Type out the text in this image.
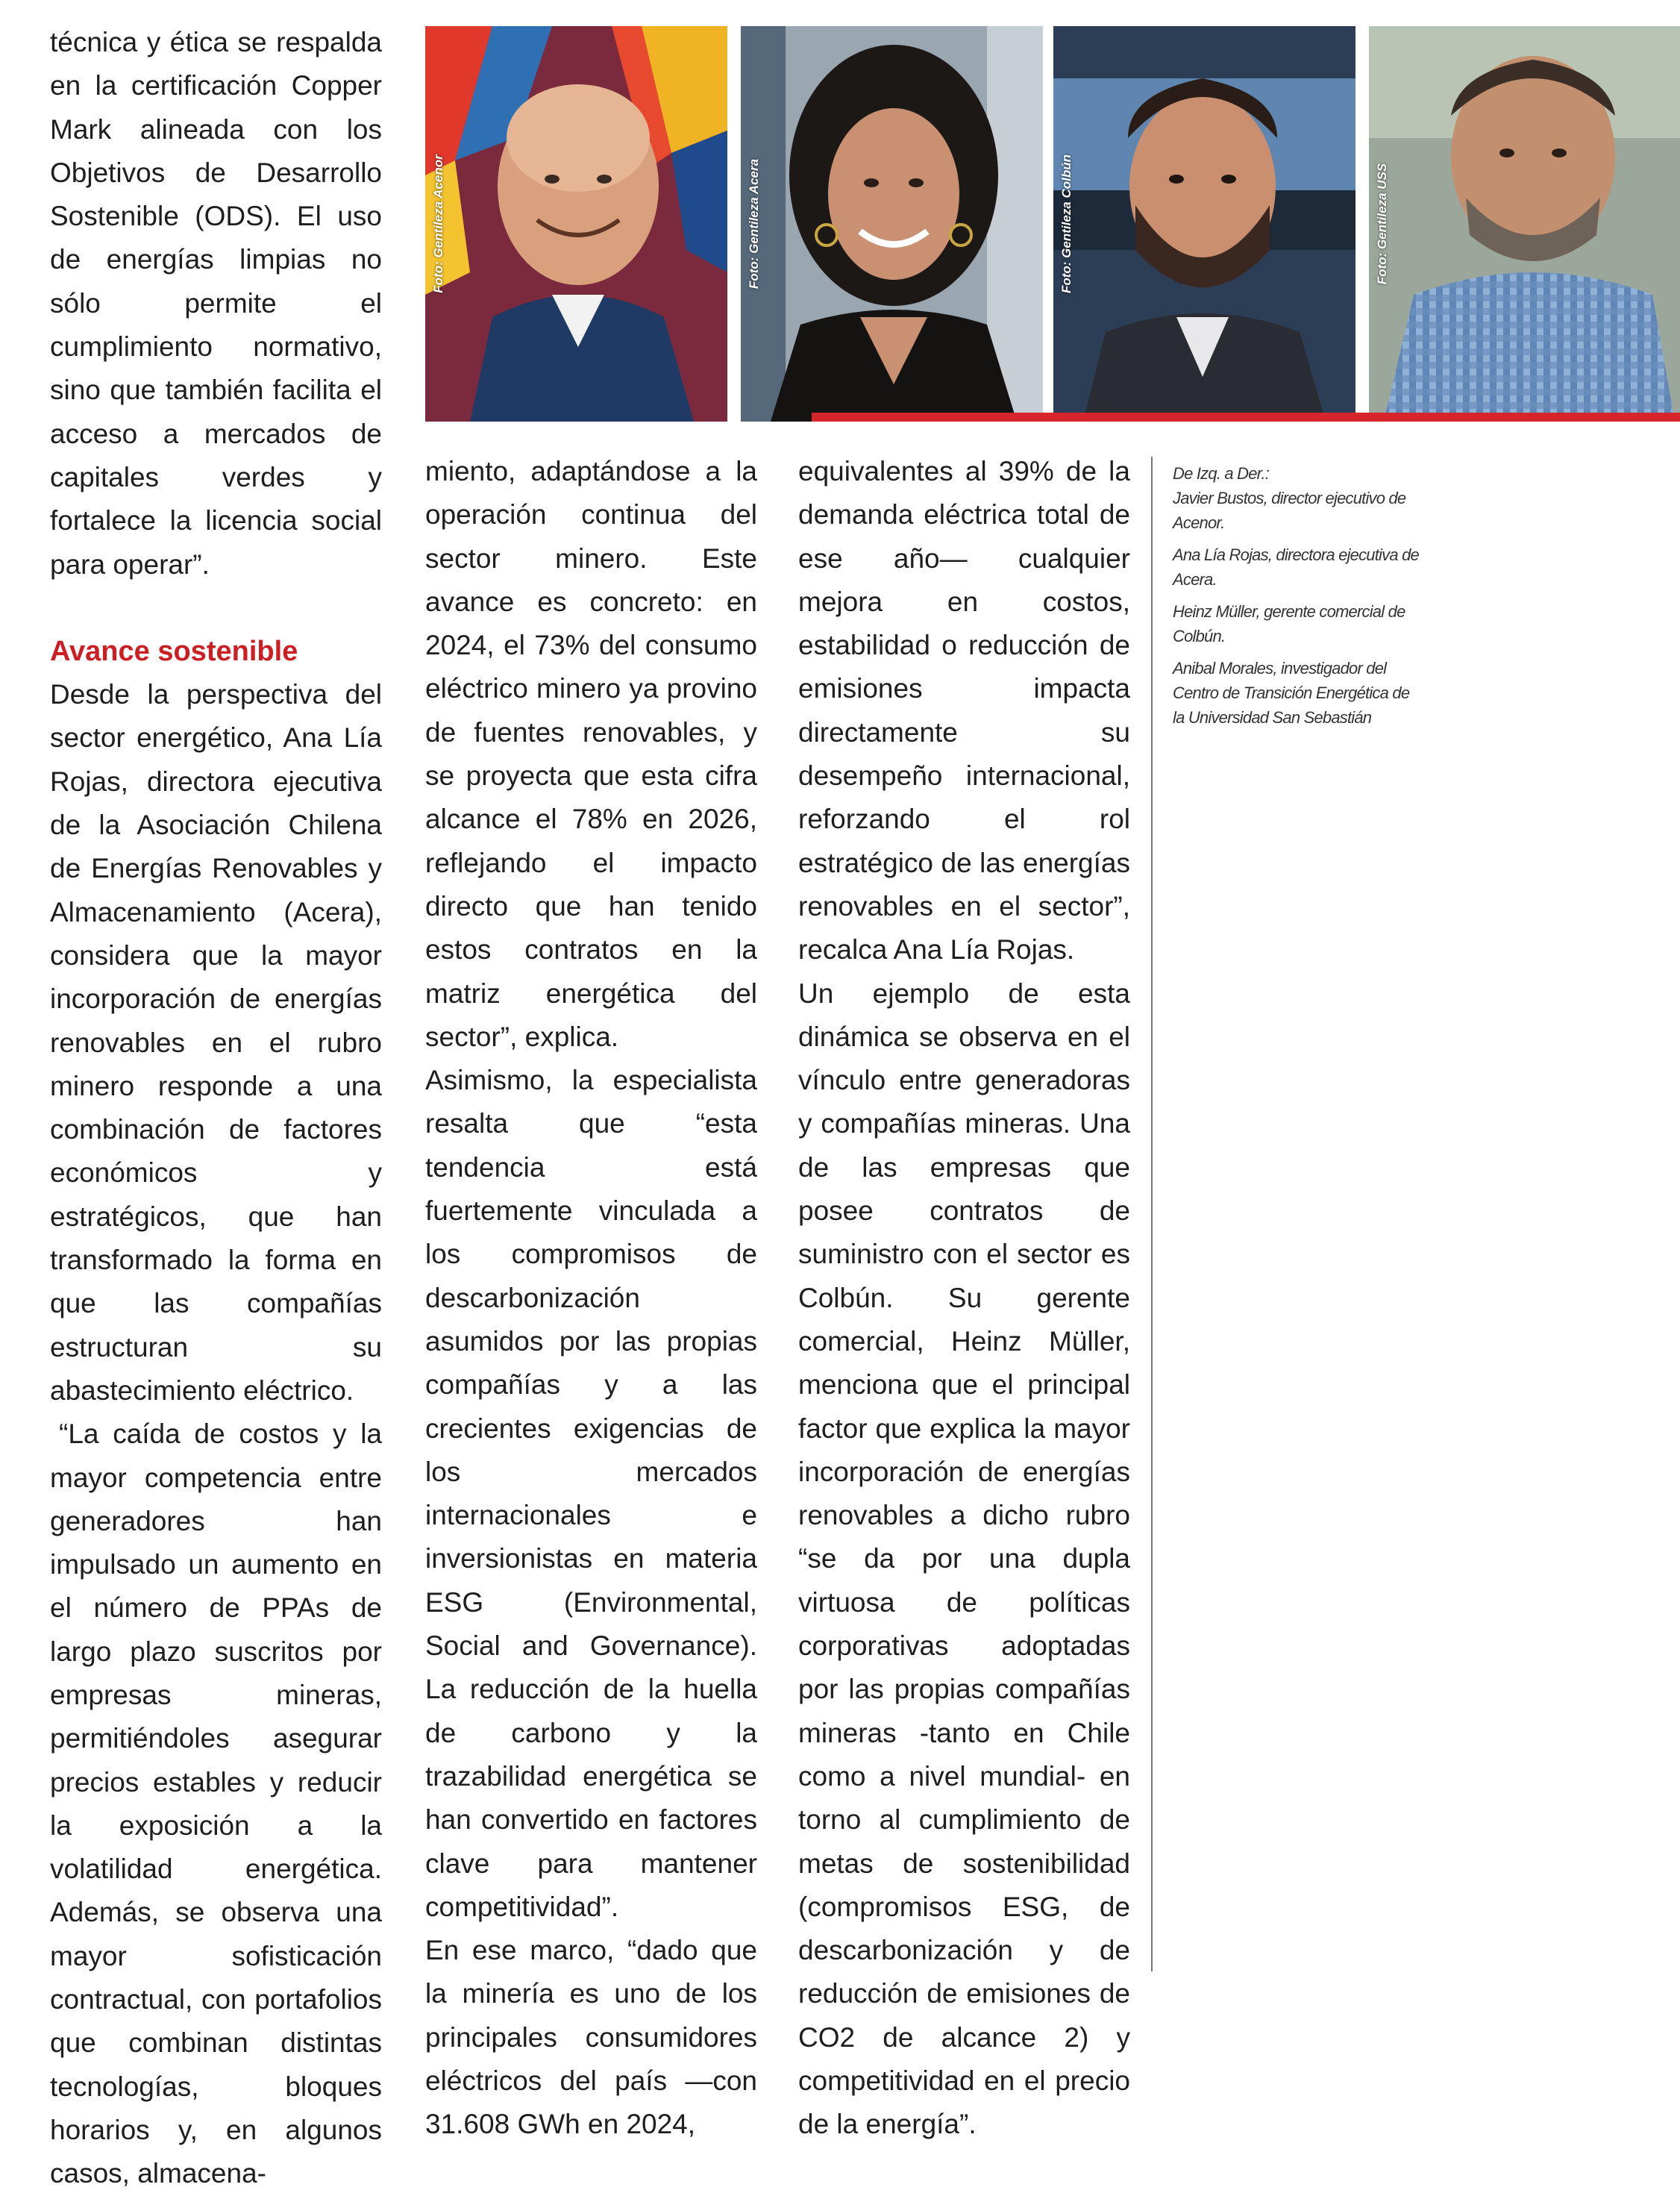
Foto: Gentileza Acenor	Foto: Gentileza Acera	Foto: Gentileza Colbún	Foto: Gentileza USS

técnica y ética se respalda en la certificación Copper Mark alineada con los Objetivos de Desarrollo Sostenible (ODS). El uso de energías limpias no sólo permite el cumplimiento normativo, sino que también facilita el acceso a mercados de capitales verdes y fortalece la licencia social para operar”.

Avance sostenible

Desde la perspectiva del sector energético, Ana Lía Rojas, directora ejecutiva de la Asociación Chilena de Energías Renovables y Almacenamiento (Acera), considera que la mayor incorporación de energías renovables en el rubro minero responde a una combinación de factores económicos y estratégicos, que han transformado la forma en que las compañías estructuran su abastecimiento eléctrico.

“La caída de costos y la mayor competencia entre generadores han impulsado un aumento en el número de PPAs de largo plazo suscritos por empresas mineras, permitiéndoles asegurar precios estables y reducir la exposición a la volatilidad energética. Además, se observa una mayor sofisticación contractual, con portafolios que combinan distintas tecnologías, bloques horarios y, en algunos casos, almacena-

miento, adaptándose a la operación continua del sector minero. Este avance es concreto: en 2024, el 73% del consumo eléctrico minero ya provino de fuentes renovables, y se proyecta que esta cifra alcance el 78% en 2026, reflejando el impacto directo que han tenido estos contratos en la matriz energética del sector”, explica.

Asimismo, la especialista resalta que “esta tendencia está fuertemente vinculada a los compromisos de descarbonización asumidos por las propias compañías y a las crecientes exigencias de los mercados internacionales e inversionistas en materia ESG (Environmental, Social and Governance). La reducción de la huella de carbono y la trazabilidad energética se han convertido en factores clave para mantener competitividad”.

En ese marco, “dado que la minería es uno de los principales consumidores eléctricos del país —con 31.608 GWh en 2024,

equivalentes al 39% de la demanda eléctrica total de ese año— cualquier mejora en costos, estabilidad o reducción de emisiones impacta directamente su desempeño internacional, reforzando el rol estratégico de las energías renovables en el sector”, recalca Ana Lía Rojas.

Un ejemplo de esta dinámica se observa en el vínculo entre generadoras y compañías mineras. Una de las empresas que posee contratos de suministro con el sector es Colbún. Su gerente comercial, Heinz Müller, menciona que el principal factor que explica la mayor incorporación de energías renovables a dicho rubro “se da por una dupla virtuosa de políticas corporativas adoptadas por las propias compañías mineras -tanto en Chile como a nivel mundial- en torno al cumplimiento de metas de sostenibilidad (compromisos ESG, de descarbonización y de reducción de emisiones de CO2 de alcance 2) y competitividad en el precio de la energía”.

De Izq. a Der.:

Javier Bustos, director ejecutivo de Acenor.

Ana Lía Rojas, directora ejecutiva de Acera.

Heinz Müller, gerente comercial de Colbún.

Anibal Morales, investigador del Centro de Transición Energética de la Universidad San Sebastián
